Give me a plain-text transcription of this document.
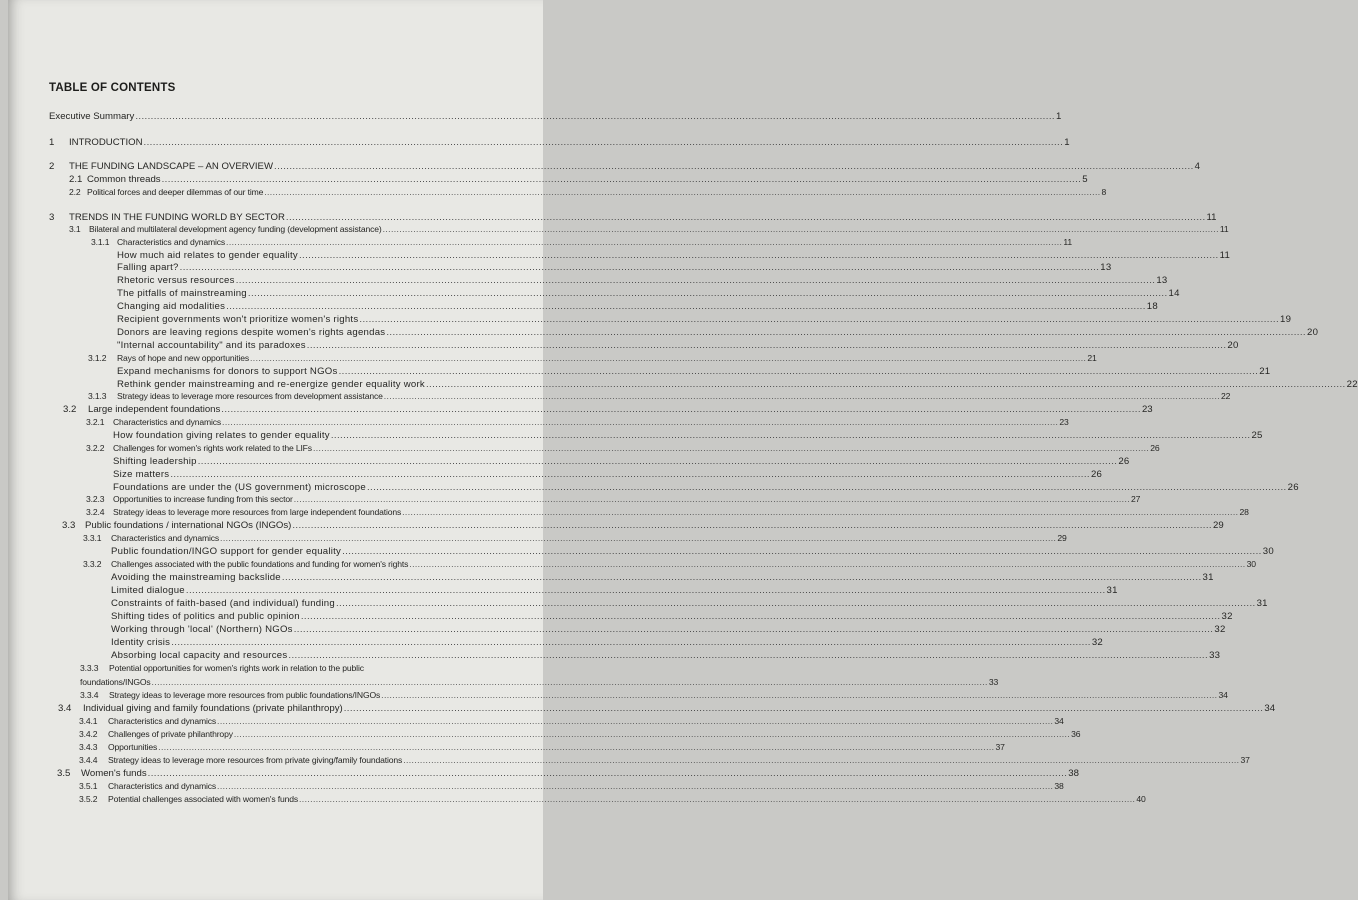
TABLE OF CONTENTS
Executive Summary ............................................................................................................................................................................................................................................................................................................ 1
1 INTRODUCTION ............................................................................................................................................................................................................................................................................................................ 1
2 THE FUNDING LANDSCAPE – AN OVERVIEW ............................................................................................................................................................................................................................................................................................................ 4
2.1 Common threads ............................................................................................................................................................................................................................................................................................................ 5
2.2 Political forces and deeper dilemmas of our time ............................................................................................................................................................................................................................................................................................................ 8
3 TRENDS IN THE FUNDING WORLD BY SECTOR ............................................................................................................................................................................................................................................................................................................ 11
3.1 Bilateral and multilateral development agency funding (development assistance) ............................................................................................................................................................................................................................................................................................................ 11
3.1.1 Characteristics and dynamics ............................................................................................................................................................................................................................................................................................................ 11
How much aid relates to gender equality ............................................................................................................................................................................................................................................................................................................ 11
Falling apart? ............................................................................................................................................................................................................................................................................................................ 13
Rhetoric versus resources ............................................................................................................................................................................................................................................................................................................ 13
The pitfalls of mainstreaming ............................................................................................................................................................................................................................................................................................................ 14
Changing aid modalities ............................................................................................................................................................................................................................................................................................................ 18
Recipient governments won't prioritize women's rights ............................................................................................................................................................................................................................................................................................................ 19
Donors are leaving regions despite women's rights agendas ............................................................................................................................................................................................................................................................................................................ 20
"Internal accountability" and its paradoxes ............................................................................................................................................................................................................................................................................................................ 20
3.1.2 Rays of hope and new opportunities ............................................................................................................................................................................................................................................................................................................ 21
Expand mechanisms for donors to support NGOs ............................................................................................................................................................................................................................................................................................................ 21
Rethink gender mainstreaming and re-energize gender equality work ............................................................................................................................................................................................................................................................................................................ 22
3.1.3 Strategy ideas to leverage more resources from development assistance ............................................................................................................................................................................................................................................................................................................ 22
3.2 Large independent foundations ............................................................................................................................................................................................................................................................................................................ 23
3.2.1 Characteristics and dynamics ............................................................................................................................................................................................................................................................................................................ 23
How foundation giving relates to gender equality ............................................................................................................................................................................................................................................................................................................ 25
3.2.2 Challenges for women's rights work related to the LIFs ............................................................................................................................................................................................................................................................................................................ 26
Shifting leadership ............................................................................................................................................................................................................................................................................................................ 26
Size matters ............................................................................................................................................................................................................................................................................................................ 26
Foundations are under the (US government) microscope ............................................................................................................................................................................................................................................................................................................ 26
3.2.3 Opportunities to increase funding from this sector ............................................................................................................................................................................................................................................................................................................ 27
3.2.4 Strategy ideas to leverage more resources from large independent foundations ............................................................................................................................................................................................................................................................................................................ 28
3.3 Public foundations / international NGOs (INGOs) ............................................................................................................................................................................................................................................................................................................ 29
3.3.1 Characteristics and dynamics ............................................................................................................................................................................................................................................................................................................ 29
Public foundation/INGO support for gender equality ............................................................................................................................................................................................................................................................................................................ 30
3.3.2 Challenges associated with the public foundations and funding for women's rights ............................................................................................................................................................................................................................................................................................................ 30
Avoiding the mainstreaming backslide ............................................................................................................................................................................................................................................................................................................ 31
Limited dialogue ............................................................................................................................................................................................................................................................................................................ 31
Constraints of faith-based (and individual) funding ............................................................................................................................................................................................................................................................................................................ 31
Shifting tides of politics and public opinion ............................................................................................................................................................................................................................................................................................................ 32
Working through 'local' (Northern) NGOs ............................................................................................................................................................................................................................................................................................................ 32
Identity crisis ............................................................................................................................................................................................................................................................................................................ 32
Absorbing local capacity and resources ............................................................................................................................................................................................................................................................................................................ 33
3.3.3 Potential opportunities for women's rights work in relation to the public
foundations/INGOs ............................................................................................................................................................................................................................................................................................................ 33
3.3.4 Strategy ideas to leverage more resources from public foundations/INGOs ............................................................................................................................................................................................................................................................................................................ 34
3.4 Individual giving and family foundations (private philanthropy) ............................................................................................................................................................................................................................................................................................................ 34
3.4.1 Characteristics and dynamics ............................................................................................................................................................................................................................................................................................................ 34
3.4.2 Challenges of private philanthropy ............................................................................................................................................................................................................................................................................................................ 36
3.4.3 Opportunities ............................................................................................................................................................................................................................................................................................................ 37
3.4.4 Strategy ideas to leverage more resources from private giving/family foundations ............................................................................................................................................................................................................................................................................................................ 37
3.5 Women's funds ............................................................................................................................................................................................................................................................................................................ 38
3.5.1 Characteristics and dynamics ............................................................................................................................................................................................................................................................................................................ 38
3.5.2 Potential challenges associated with women's funds ............................................................................................................................................................................................................................................................................................................ 40
